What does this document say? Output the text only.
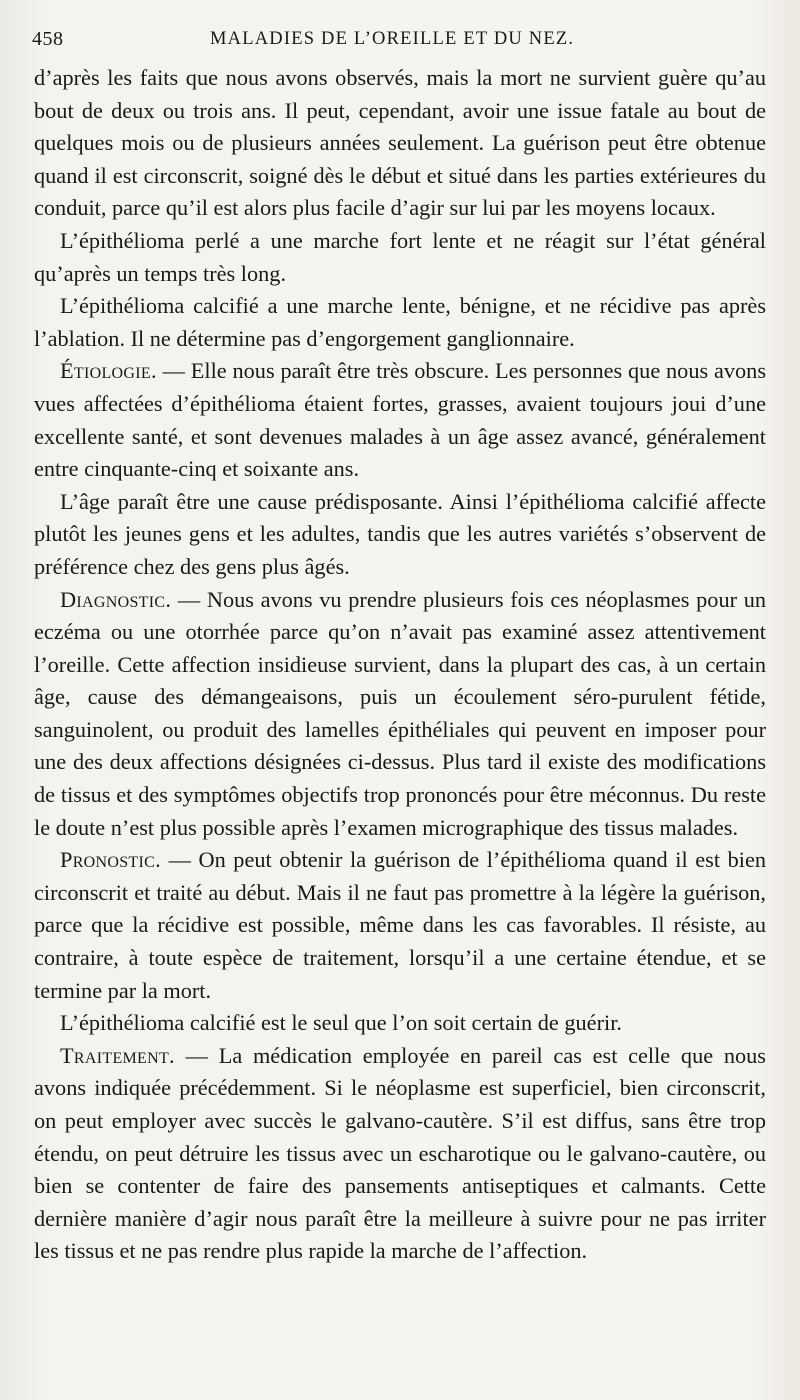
458	MALADIES DE L’OREILLE ET DU NEZ.

d’après les faits que nous avons observés, mais la mort ne survient guère qu’au bout de deux ou trois ans. Il peut, cependant, avoir une issue fatale au bout de quelques mois ou de plusieurs années seulement. La guérison peut être obtenue quand il est circonscrit, soigné dès le début et situé dans les parties extérieures du conduit, parce qu’il est alors plus facile d’agir sur lui par les moyens locaux.

L’épithélioma perlé a une marche fort lente et ne réagit sur l’état général qu’après un temps très long.

L’épithélioma calcifié a une marche lente, bénigne, et ne récidive pas après l’ablation. Il ne détermine pas d’engorgement ganglionnaire.

Étiologie. — Elle nous paraît être très obscure. Les personnes que nous avons vues affectées d’épithélioma étaient fortes, grasses, avaient toujours joui d’une excellente santé, et sont devenues malades à un âge assez avancé, généralement entre cinquante-cinq et soixante ans.

L’âge paraît être une cause prédisposante. Ainsi l’épithélioma calcifié affecte plutôt les jeunes gens et les adultes, tandis que les autres variétés s’observent de préférence chez des gens plus âgés.

Diagnostic. — Nous avons vu prendre plusieurs fois ces néoplasmes pour un eczéma ou une otorrhée parce qu’on n’avait pas examiné assez attentivement l’oreille. Cette affection insidieuse survient, dans la plupart des cas, à un certain âge, cause des démangeaisons, puis un écoulement séro-purulent fétide, sanguinolent, ou produit des lamelles épithéliales qui peuvent en imposer pour une des deux affections désignées ci-dessus. Plus tard il existe des modifications de tissus et des symptômes objectifs trop prononcés pour être méconnus. Du reste le doute n’est plus possible après l’examen micrographique des tissus malades.

Pronostic. — On peut obtenir la guérison de l’épithélioma quand il est bien circonscrit et traité au début. Mais il ne faut pas promettre à la légère la guérison, parce que la récidive est possible, même dans les cas favorables. Il résiste, au contraire, à toute espèce de traitement, lorsqu’il a une certaine étendue, et se termine par la mort.

L’épithélioma calcifié est le seul que l’on soit certain de guérir.

Traitement. — La médication employée en pareil cas est celle que nous avons indiquée précédemment. Si le néoplasme est superficiel, bien circonscrit, on peut employer avec succès le galvano-cautère. S’il est diffus, sans être trop étendu, on peut détruire les tissus avec un escharotique ou le galvano-cautère, ou bien se contenter de faire des pansements antiseptiques et calmants. Cette dernière manière d’agir nous paraît être la meilleure à suivre pour ne pas irriter les tissus et ne pas rendre plus rapide la marche de l’affection.
